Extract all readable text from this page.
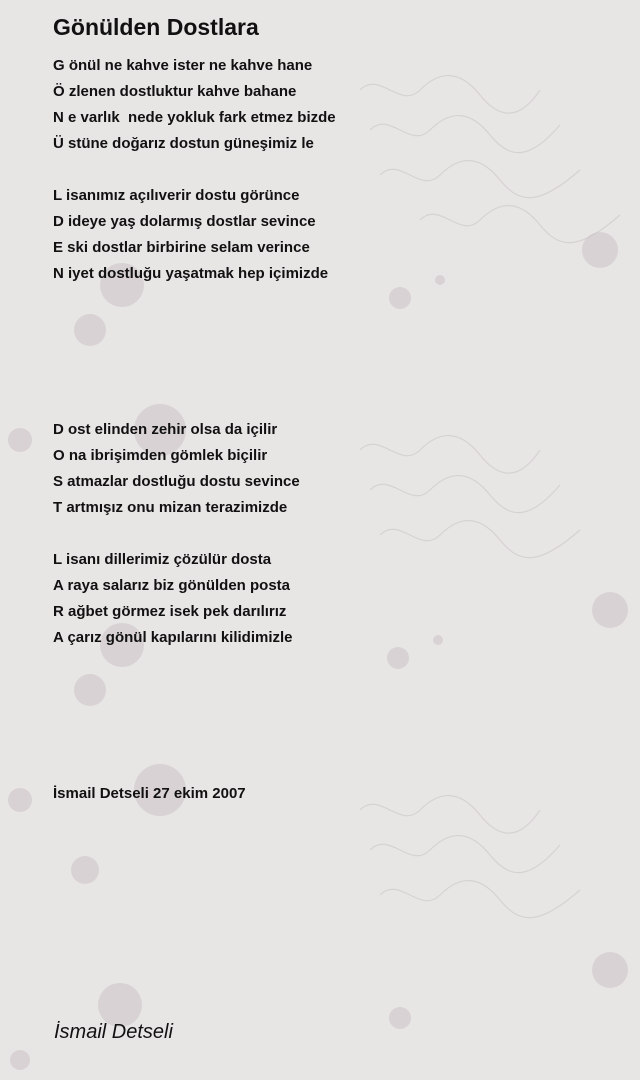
Gönülden Dostlara
G önül ne kahve ister ne kahve hane
Ö zlenen dostluktur kahve bahane
N e varlık  nede yokluk fark etmez bizde
Ü stüne doğarız dostun güneşimiz le
L isanımız açılıverir dostu görünce
D ideye yaş dolarmış dostlar sevince
E ski dostlar birbirine selam verince
N iyet dostluğu yaşatmak hep içimizde
D ost elinden zehir olsa da içilir
O na ibrişimden gömlek biçilir
S atmazlar dostluğu dostu sevince
T artmışız onu mizan terazimizde
L isanı dillerimiz çözülür dosta
A raya salarız biz gönülden posta
R ağbet görmez isek pek darılırız
A çarız gönül kapılarını kilidimizle
İsmail Detseli 27 ekim 2007
İsmail Detseli
